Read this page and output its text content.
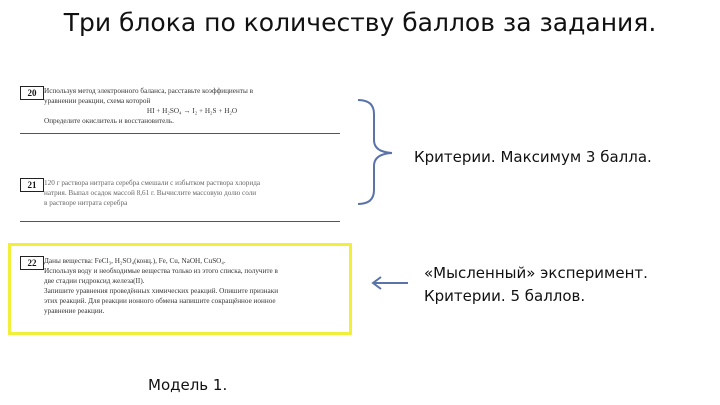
Три блока по количеству баллов за задания.
20	Используя метод электронного баланса, расставьте коэффициенты в
уравнении реакции, схема которой
HI + H₂SO₄ → I₂ + H₂S + H₂O
Определите окислитель и восстановитель.
21	120 г раствора нитрата серебра смешали с избытком раствора хлорида
натрия. Выпал осадок массой 8,61 г. Вычислите массовую долю соли
в растворе нитрата серебра
22	Даны вещества: FeCl₃, H₂SO₄(конц.), Fe, Cu, NaOH, CuSO₄.
Используя воду и необходимые вещества только из этого списка, получите в
две стадии гидроксид железа(II).
Запишите уравнения проведённых химических реакций. Опишите признаки
этих реакций. Для реакции ионного обмена напишите сокращённое ионное
уравнение реакции.
Критерии. Максимум 3 балла.
«Мысленный» эксперимент.
Критерии. 5 баллов.
Модель 1.
